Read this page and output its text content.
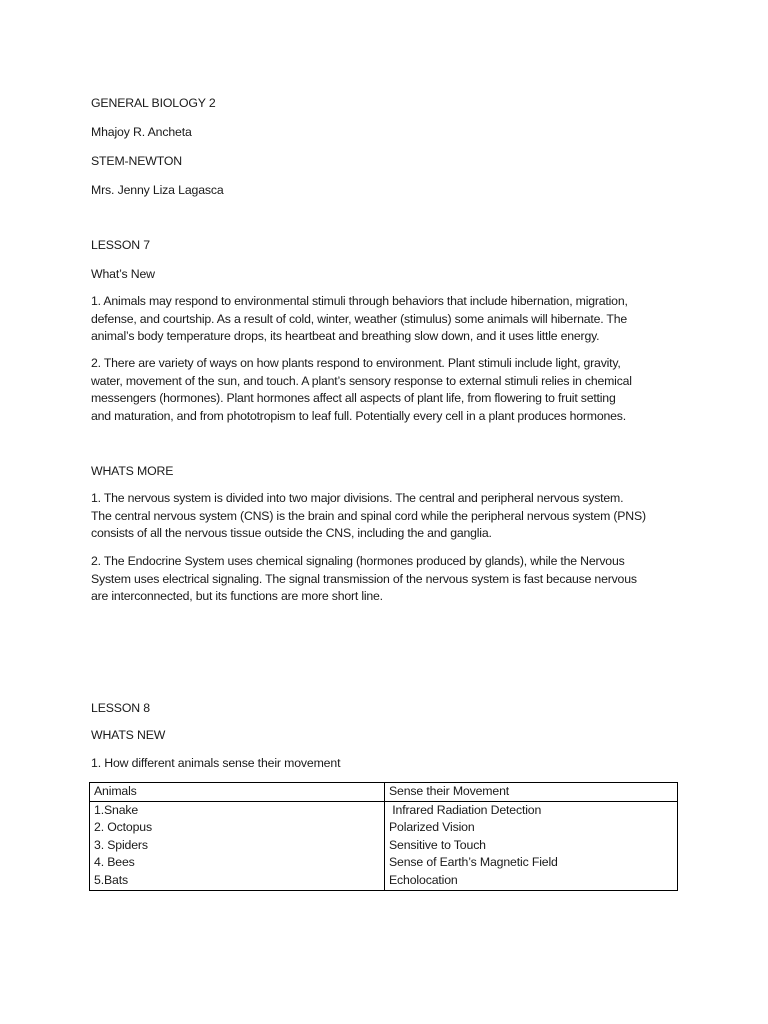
GENERAL BIOLOGY 2
Mhajoy R. Ancheta
STEM-NEWTON
Mrs. Jenny Liza Lagasca
LESSON 7
What’s New
1. Animals may respond to environmental stimuli through behaviors that include hibernation, migration,
defense, and courtship. As a result of cold, winter, weather (stimulus) some animals will hibernate. The
animal’s body temperature drops, its heartbeat and breathing slow down, and it uses little energy.
2. There are variety of ways on how plants respond to environment. Plant stimuli include light, gravity,
water, movement of the sun, and touch. A plant’s sensory response to external stimuli relies in chemical
messengers (hormones). Plant hormones affect all aspects of plant life, from flowering to fruit setting
and maturation, and from phototropism to leaf full. Potentially every cell in a plant produces hormones.
WHATS MORE
1. The nervous system is divided into two major divisions. The central and peripheral nervous system.
The central nervous system (CNS) is the brain and spinal cord while the peripheral nervous system (PNS)
consists of all the nervous tissue outside the CNS, including the and ganglia.
2. The Endocrine System uses chemical signaling (hormones produced by glands), while the Nervous
System uses electrical signaling. The signal transmission of the nervous system is fast because nervous
are interconnected, but its functions are more short line.
LESSON 8
WHATS NEW
1. How different animals sense their movement
Animals	Sense their Movement
1.Snake	Infrared Radiation Detection
2. Octopus	Polarized Vision
3. Spiders	Sensitive to Touch
4. Bees	Sense of Earth’s Magnetic Field
5.Bats	Echolocation
